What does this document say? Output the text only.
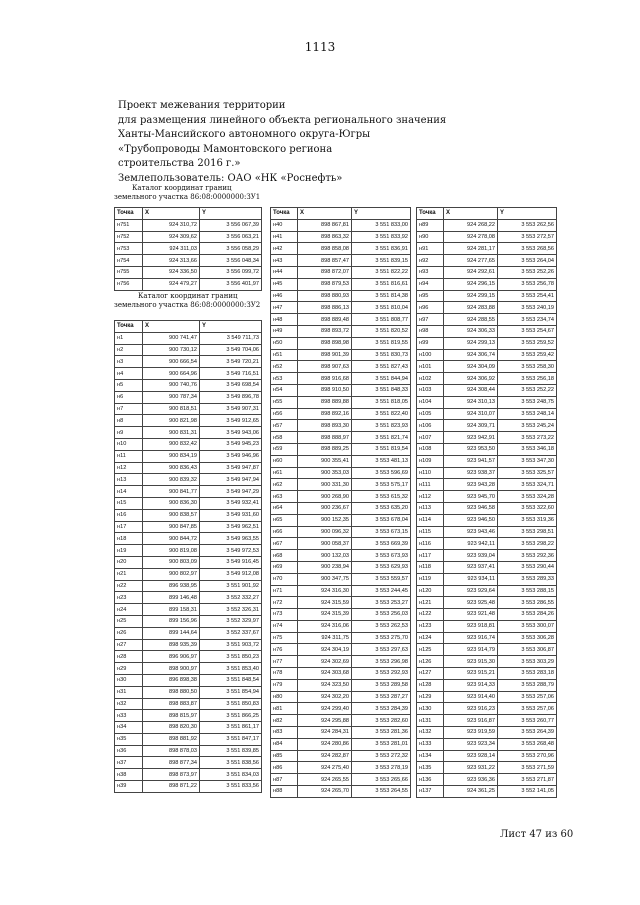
1113
Проект межевания территории
для размещения линейного объекта регионального значения
Ханты-Мансийского автономного округа-Югры
«Трубопроводы Мамонтовского региона
строительства 2016 г.»
Землепользователь: ОАО «НК «Роснефть»
Каталог координат границ
земельного участка 86:08:0000000:ЗУ1
Точка	X	Y
н751	924 310,72	3 556 067,39
н752	924 309,62	3 556 063,21
н753	924 311,03	3 556 058,29
н754	924 313,66	3 556 048,34
н755	924 336,50	3 556 099,72
н756	924 479,27	3 556 401,97
Каталог координат границ
земельного участка 86:08:0000000:ЗУ2
Точка	X	Y
н1	900 741,47	3 549 711,73
н2	900 730,12	3 549 704,06
н3	900 666,54	3 549 720,21
н4	900 664,96	3 549 716,51
н5	900 740,76	3 549 698,54
н6	900 787,34	3 549 896,78
н7	900 818,51	3 549 907,31
н8	900 821,98	3 549 912,65
н9	900 831,31	3 549 943,06
н10	900 832,42	3 549 945,23
н11	900 834,19	3 549 946,96
н12	900 836,43	3 549 947,87
н13	900 839,32	3 549 947,94
н14	900 841,77	3 549 947,29
н15	900 836,30	3 549 932,41
н16	900 838,57	3 549 931,60
н17	900 847,85	3 549 962,51
н18	900 844,72	3 549 963,55
н19	900 819,08	3 549 972,53
н20	900 803,09	3 549 916,45
н21	900 802,97	3 549 912,08
н22	896 938,95	3 551 901,92
н23	899 146,48	3 552 332,27
н24	899 158,31	3 552 326,31
н25	899 156,96	3 552 329,97
н26	899 144,64	3 552 337,67
н27	898 935,39	3 551 903,72
н28	896 906,97	3 551 850,23
н29	898 900,97	3 551 853,40
н30	896 898,38	3 551 848,54
н31	898 880,50	3 551 854,94
н32	898 883,87	3 551 850,83
н33	898 815,97	3 551 866,25
н34	898 820,30	3 551 861,17
н35	898 881,92	3 551 847,17
н36	898 878,03	3 551 839,85
н37	898 877,34	3 551 838,56
н38	898 873,97	3 551 834,03
н39	898 871,22	3 551 833,56
Точка	X	Y
н40	898 867,81	3 551 833,00
н41	898 863,32	3 551 833,92
н42	898 858,08	3 551 836,91
н43	898 857,47	3 551 839,15
н44	898 872,07	3 551 822,22
н45	898 879,53	3 551 816,61
н46	898 880,93	3 551 814,38
н47	898 886,13	3 551 810,04
н48	898 889,48	3 551 808,77
н49	898 893,72	3 551 820,52
н50	898 898,98	3 551 819,55
н51	898 901,39	3 551 830,73
н52	898 907,63	3 551 827,43
н53	898 916,68	3 551 844,94
н54	898 910,50	3 551 848,33
н55	898 889,88	3 551 818,05
н56	898 892,16	3 551 822,40
н57	898 893,30	3 551 823,93
н58	898 888,97	3 551 821,74
н59	898 889,25	3 551 819,54
н60	900 355,41	3 553 481,13
н61	900 353,03	3 553 596,69
н62	900 331,30	3 553 575,17
н63	900 268,90	3 553 615,32
н64	900 236,67	3 553 635,20
н65	900 152,35	3 553 678,04
н66	900 096,32	3 553 673,15
н67	900 058,37	3 553 669,39
н68	900 132,03	3 553 673,93
н69	900 238,94	3 553 629,93
н70	900 347,75	3 553 559,57
н71	924 316,30	3 553 244,45
н72	924 315,59	3 553 253,27
н73	924 315,39	3 553 256,03
н74	924 316,06	3 553 262,53
н75	924 311,75	3 553 275,70
н76	924 304,19	3 553 297,63
н77	924 302,69	3 553 296,98
н78	924 303,68	3 553 292,93
н79	924 323,50	3 553 289,58
н80	924 302,20	3 553 287,27
н81	924 299,40	3 553 284,39
н82	924 295,88	3 553 282,60
н83	924 284,31	3 553 281,36
н84	924 280,86	3 553 281,01
н85	924 282,87	3 553 272,32
н86	924 275,40	3 553 278,19
н87	924 265,55	3 553 265,66
н88	924 265,70	3 553 264,55
Точка	X	Y
н89	924 268,22	3 553 262,56
н90	924 278,08	3 553 272,57
н91	924 281,17	3 553 268,56
н92	924 277,65	3 553 264,04
н93	924 292,61	3 553 252,26
н94	924 296,15	3 553 256,78
н95	924 299,15	3 553 254,41
н96	924 283,88	3 553 240,19
н97	924 288,55	3 553 234,74
н98	924 306,33	3 553 254,67
н99	924 299,13	3 553 259,52
н100	924 306,74	3 553 259,42
н101	924 304,09	3 553 258,30
н102	924 306,92	3 553 256,18
н103	924 308,44	3 553 252,22
н104	924 310,13	3 553 248,75
н105	924 310,07	3 553 248,14
н106	924 309,71	3 553 245,24
н107	923 942,91	3 553 273,22
н108	923 953,50	3 553 346,18
н109	923 941,57	3 553 347,30
н110	923 938,37	3 553 325,57
н111	923 943,28	3 553 324,71
н112	923 945,70	3 553 324,28
н113	923 946,58	3 553 322,60
н114	923 946,50	3 553 319,36
н115	923 943,46	3 553 298,51
н116	923 942,11	3 553 298,22
н117	923 939,04	3 553 292,36
н118	923 937,41	3 553 290,44
н119	923 934,11	3 553 289,33
н120	923 929,64	3 553 288,15
н121	923 925,48	3 553 286,55
н122	923 921,48	3 553 284,26
н123	923 918,81	3 553 300,07
н124	923 916,74	3 553 306,28
н125	923 914,79	3 553 306,87
н126	923 915,30	3 553 303,29
н127	923 915,21	3 553 283,18
н128	923 914,33	3 553 288,79
н129	923 914,40	3 553 257,06
н130	923 916,23	3 553 257,06
н131	923 916,87	3 553 260,77
н132	923 919,59	3 553 264,39
н133	923 923,34	3 553 268,48
н134	923 928,14	3 553 270,96
н135	923 931,22	3 553 271,59
н136	923 936,36	3 553 271,87
н137	924 361,25	3 552 141,05
Лист 47 из 60
